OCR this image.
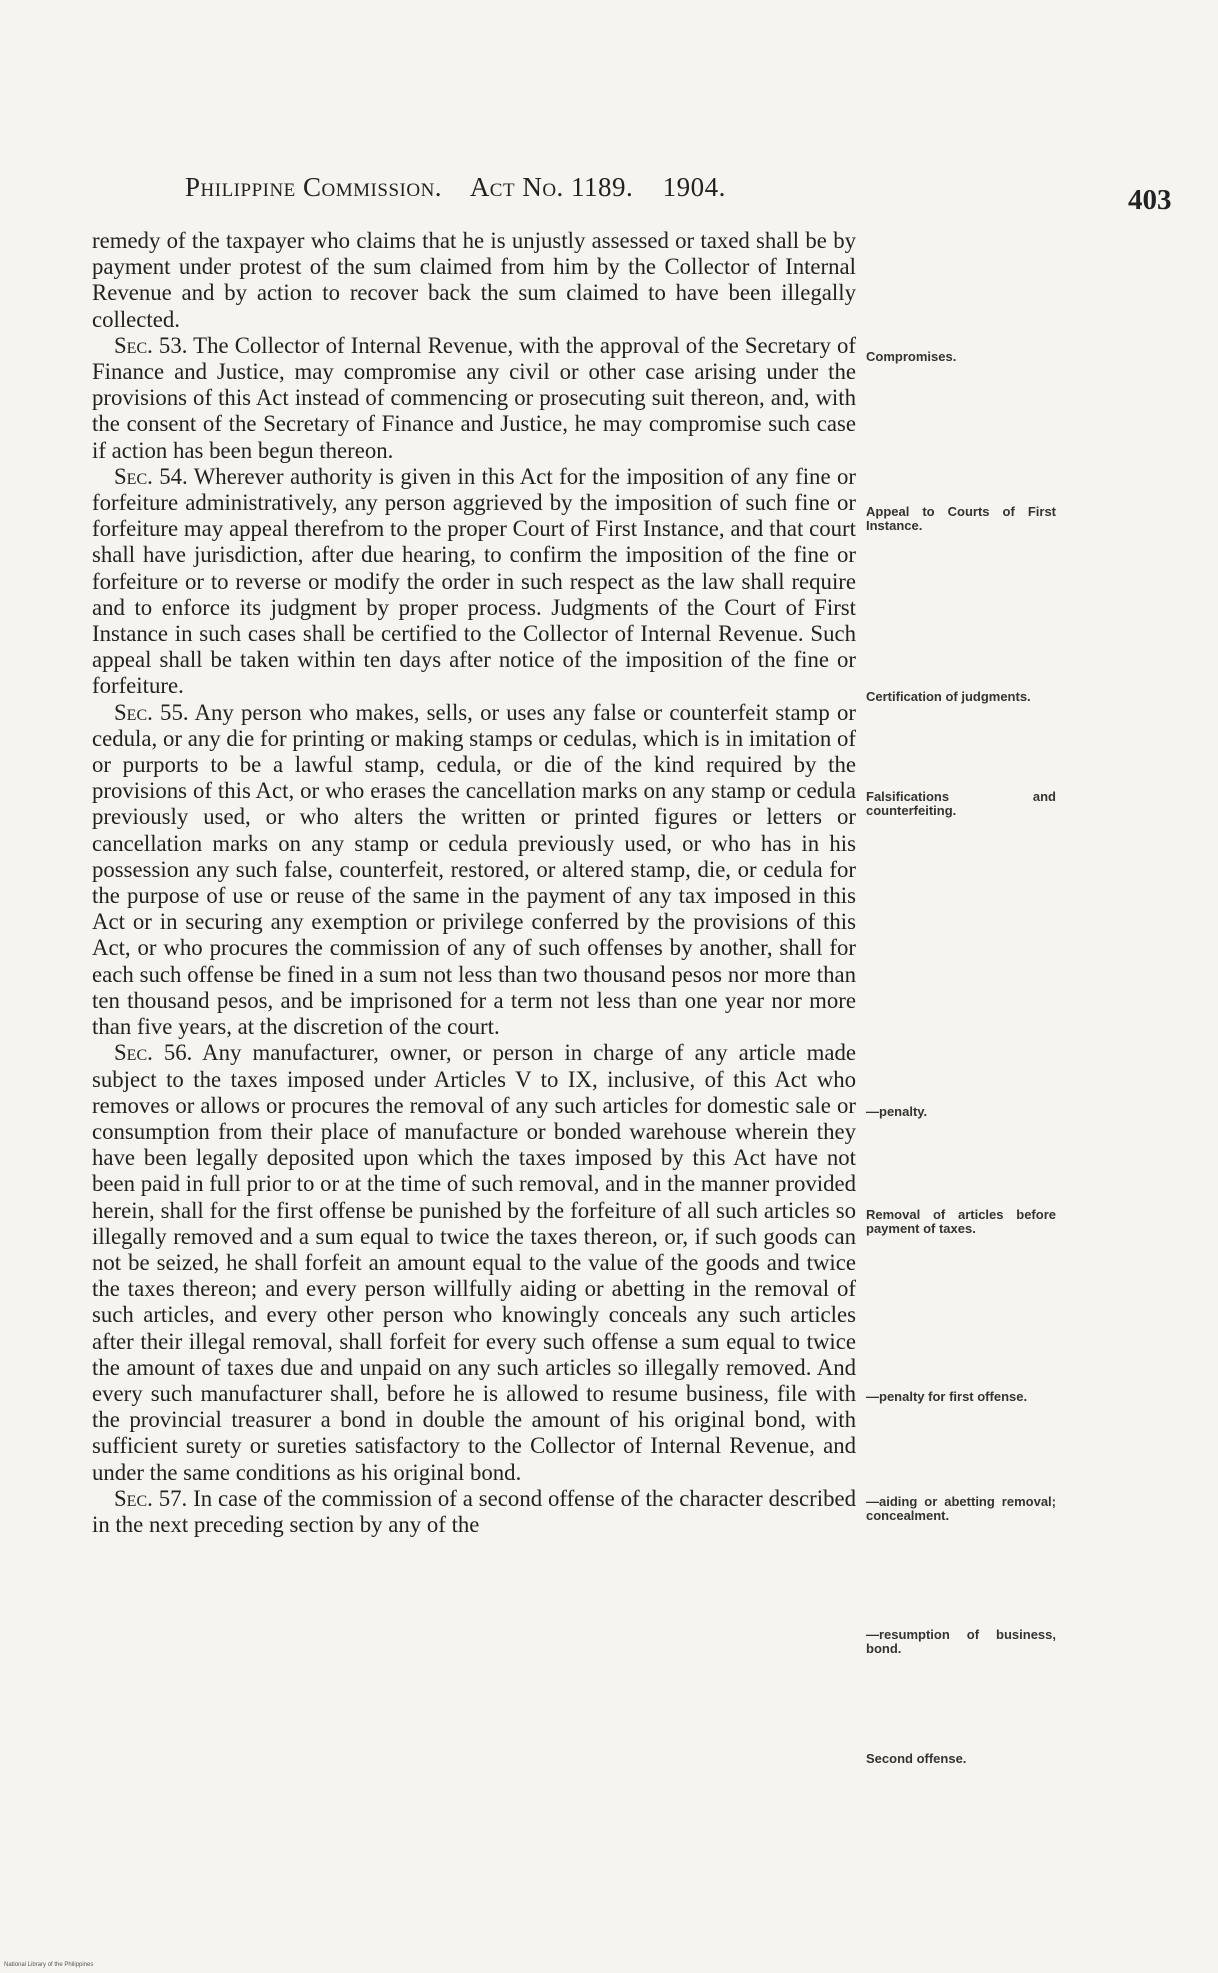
Philippine Commission. Act No. 1189. 1904.	403

remedy of the taxpayer who claims that he is unjustly assessed or taxed shall be by payment under protest of the sum claimed from him by the Collector of Internal Revenue and by action to recover back the sum claimed to have been illegally collected.

Sec. 53. The Collector of Internal Revenue, with the approval of the Secretary of Finance and Justice, may compromise any civil or other case arising under the provisions of this Act instead of commencing or prosecuting suit thereon, and, with the consent of the Secretary of Finance and Justice, he may compromise such case if action has been begun thereon.

Sec. 54. Wherever authority is given in this Act for the imposition of any fine or forfeiture administratively, any person aggrieved by the imposition of such fine or forfeiture may appeal therefrom to the proper Court of First Instance, and that court shall have jurisdiction, after due hearing, to confirm the imposition of the fine or forfeiture or to reverse or modify the order in such respect as the law shall require and to enforce its judgment by proper process. Judgments of the Court of First Instance in such cases shall be certified to the Collector of Internal Revenue. Such appeal shall be taken within ten days after notice of the imposition of the fine or forfeiture.

Sec. 55. Any person who makes, sells, or uses any false or counterfeit stamp or cedula, or any die for printing or making stamps or cedulas, which is in imitation of or purports to be a lawful stamp, cedula, or die of the kind required by the provisions of this Act, or who erases the cancellation marks on any stamp or cedula previously used, or who alters the written or printed figures or letters or cancellation marks on any stamp or cedula previously used, or who has in his possession any such false, counterfeit, restored, or altered stamp, die, or cedula for the purpose of use or reuse of the same in the payment of any tax imposed in this Act or in securing any exemption or privilege conferred by the provisions of this Act, or who procures the commission of any of such offenses by another, shall for each such offense be fined in a sum not less than two thousand pesos nor more than ten thousand pesos, and be imprisoned for a term not less than one year nor more than five years, at the discretion of the court.

Sec. 56. Any manufacturer, owner, or person in charge of any article made subject to the taxes imposed under Articles V to IX, inclusive, of this Act who removes or allows or procures the removal of any such articles for domestic sale or consumption from their place of manufacture or bonded warehouse wherein they have been legally deposited upon which the taxes imposed by this Act have not been paid in full prior to or at the time of such removal, and in the manner provided herein, shall for the first offense be punished by the forfeiture of all such articles so illegally removed and a sum equal to twice the taxes thereon, or, if such goods can not be seized, he shall forfeit an amount equal to the value of the goods and twice the taxes thereon; and every person willfully aiding or abetting in the removal of such articles, and every other person who knowingly conceals any such articles after their illegal removal, shall forfeit for every such offense a sum equal to twice the amount of taxes due and unpaid on any such articles so illegally removed. And every such manufacturer shall, before he is allowed to resume business, file with the provincial treasurer a bond in double the amount of his original bond, with sufficient surety or sureties satisfactory to the Collector of Internal Revenue, and under the same conditions as his original bond.

Sec. 57. In case of the commission of a second offense of the character described in the next preceding section by any of the

Compromises.
Appeal to Courts of First Instance.
Certification of judgments.
Falsifications and counterfeiting.
—penalty.
Removal of articles before payment of taxes.
—penalty for first offense.
—aiding or abetting removal; concealment.
—resumption of business, bond.
Second offense.
National Library of the Philippines
